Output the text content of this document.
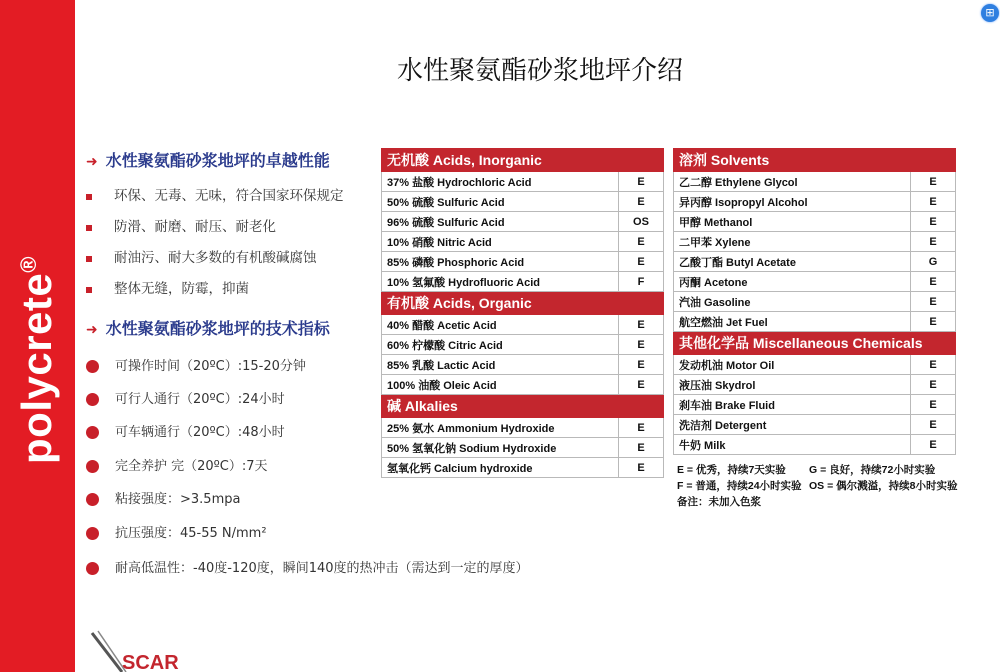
polycrete®
⊞
水性聚氨酯砂浆地坪介绍
➜ 水性聚氨酯砂浆地坪的卓越性能
环保、无毒、无味，符合国家环保规定
防滑、耐磨、耐压、耐老化
耐油污、耐大多数的有机酸碱腐蚀
整体无缝，防霉，抑菌
➜ 水性聚氨酯砂浆地坪的技术指标
可操作时间（20ºC）:15-20分钟
可行人通行（20ºC）:24小时
可车辆通行（20ºC）:48小时
完全养护 完（20ºC）:7天
粘接强度：>3.5mpa
抗压强度：45-55 N/mm²
耐高低温性：-40度-120度，瞬间140度的热冲击（需达到一定的厚度）
无机酸 Acids, Inorganic	
37% 盐酸 Hydrochloric Acid	E
50% 硫酸 Sulfuric Acid	E
96% 硫酸 Sulfuric Acid	OS
10% 硝酸 Nitric Acid	E
85% 磷酸 Phosphoric Acid	E
10% 氢氟酸 Hydrofluoric Acid	F
有机酸 Acids, Organic	
40% 醋酸 Acetic Acid	E
60% 柠檬酸 Citric Acid	E
85% 乳酸 Lactic Acid	E
100% 油酸 Oleic Acid	E
碱 Alkalies	
25% 氨水 Ammonium Hydroxide	E
50% 氢氧化钠 Sodium Hydroxide	E
氢氧化钙 Calcium hydroxide	E
溶剂 Solvents	
乙二醇 Ethylene Glycol	E
异丙醇 Isopropyl Alcohol	E
甲醇 Methanol	E
二甲苯 Xylene	E
乙酸丁酯 Butyl Acetate	G
丙酮 Acetone	E
汽油 Gasoline	E
航空燃油 Jet Fuel	E
其他化学品 Miscellaneous Chemicals	
发动机油 Motor Oil	E
液压油 Skydrol	E
刹车油 Brake Fluid	E
洗洁剂 Detergent	E
牛奶 Milk	E
E = 优秀，持续7天实验 G = 良好，持续72小时实验
F = 普通，持续24小时实验 OS = 偶尔溅溢，持续8小时实验
备注：未加入色浆
SCAR
